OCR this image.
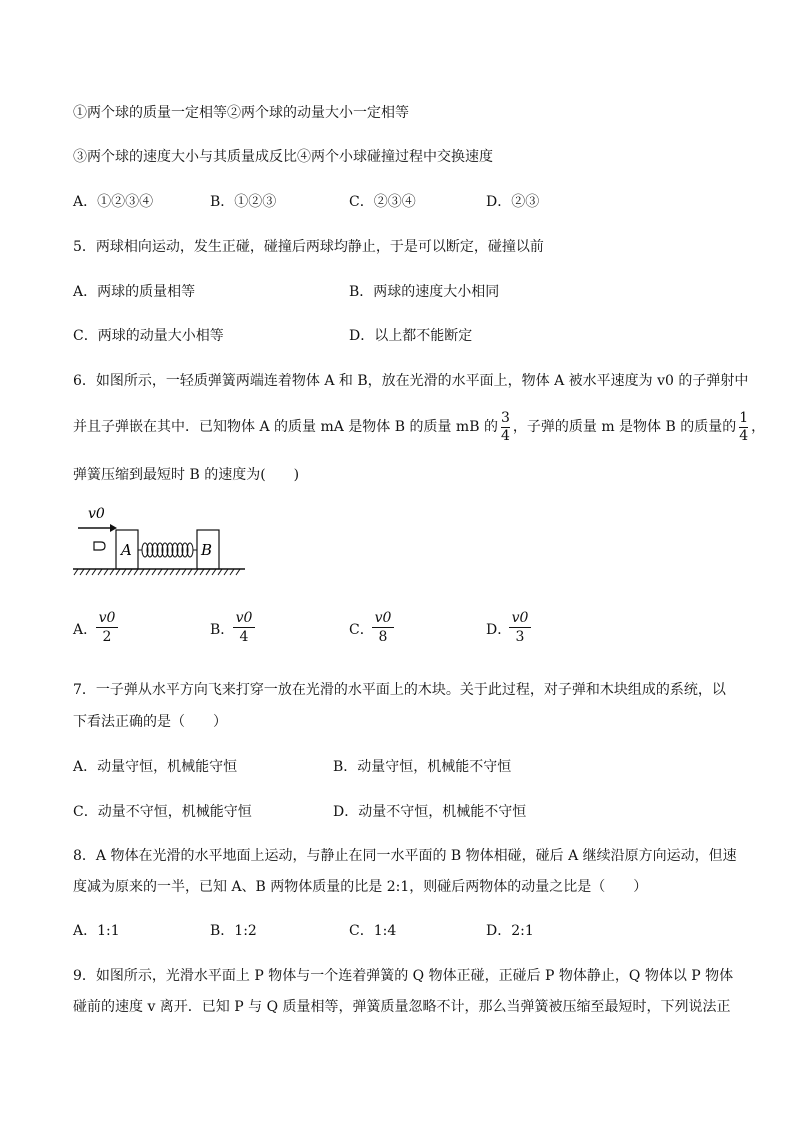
①两个球的质量一定相等②两个球的动量大小一定相等
③两个球的速度大小与其质量成反比④两个小球碰撞过程中交换速度
A．①②③④	B．①②③	C．②③④	D．②③
5．两球相向运动，发生正碰，碰撞后两球均静止，于是可以断定，碰撞以前
A．两球的质量相等	B．两球的速度大小相同
C．两球的动量大小相等	D．以上都不能断定
6．如图所示，一轻质弹簧两端连着物体 A 和 B，放在光滑的水平面上，物体 A 被水平速度为 v0 的子弹射中
并且子弹嵌在其中．已知物体 A 的质量 mA 是物体 B 的质量 mB 的 $\frac{3}{4}$ ，子弹的质量 m 是物体 B 的质量的 $\frac{1}{4}$ ，
弹簧压缩到最短时 B 的速度为(　　)
v0
A	B
A．
v0
2	B．
v0
4	C．
v0
8	D．
v0
3
7．一子弹从水平方向飞来打穿一放在光滑的水平面上的木块。关于此过程，对子弹和木块组成的系统，以
下看法正确的是（　　）
A．动量守恒，机械能守恒	B．动量守恒，机械能不守恒
C．动量不守恒，机械能守恒	D．动量不守恒，机械能不守恒
8．A 物体在光滑的水平地面上运动，与静止在同一水平面的 B 物体相碰，碰后 A 继续沿原方向运动，但速
度减为原来的一半，已知 A、B 两物体质量的比是 2:1，则碰后两物体的动量之比是（　　）
A．1:1	B．1:2	C．1:4	D．2:1
9．如图所示，光滑水平面上 P 物体与一个连着弹簧的 Q 物体正碰，正碰后 P 物体静止，Q 物体以 P 物体
碰前的速度 v 离开．已知 P 与 Q 质量相等，弹簧质量忽略不计，那么当弹簧被压缩至最短时，下列说法正
